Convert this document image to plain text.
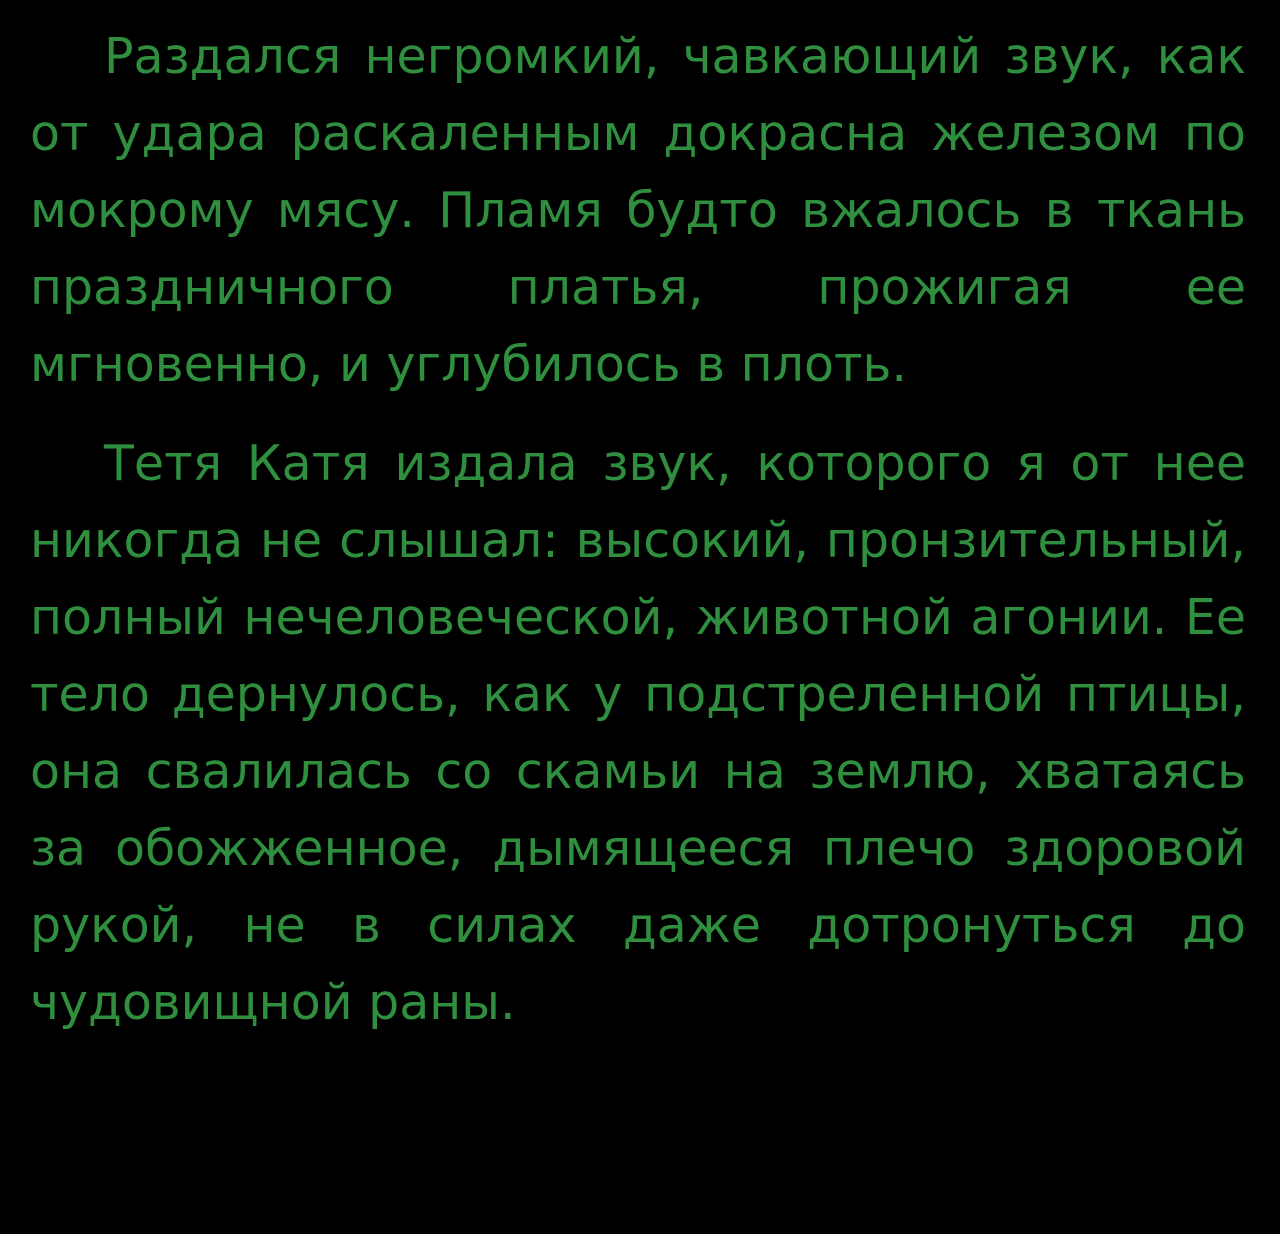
Раздался негромкий, чавкающий звук, как от удара раскаленным докрасна железом по мокрому мясу. Пламя будто вжалось в ткань праздничного платья, прожигая ее мгновенно, и углубилось в плоть.

Тетя Катя издала звук, которого я от нее никогда не слышал: высокий, пронзительный, полный нечеловеческой, животной агонии. Ее тело дернулось, как у подстреленной птицы, она свалилась со скамьи на землю, хватаясь за обожженное, дымящееся плечо здоровой рукой, не в силах даже дотронуться до чудовищной раны.
